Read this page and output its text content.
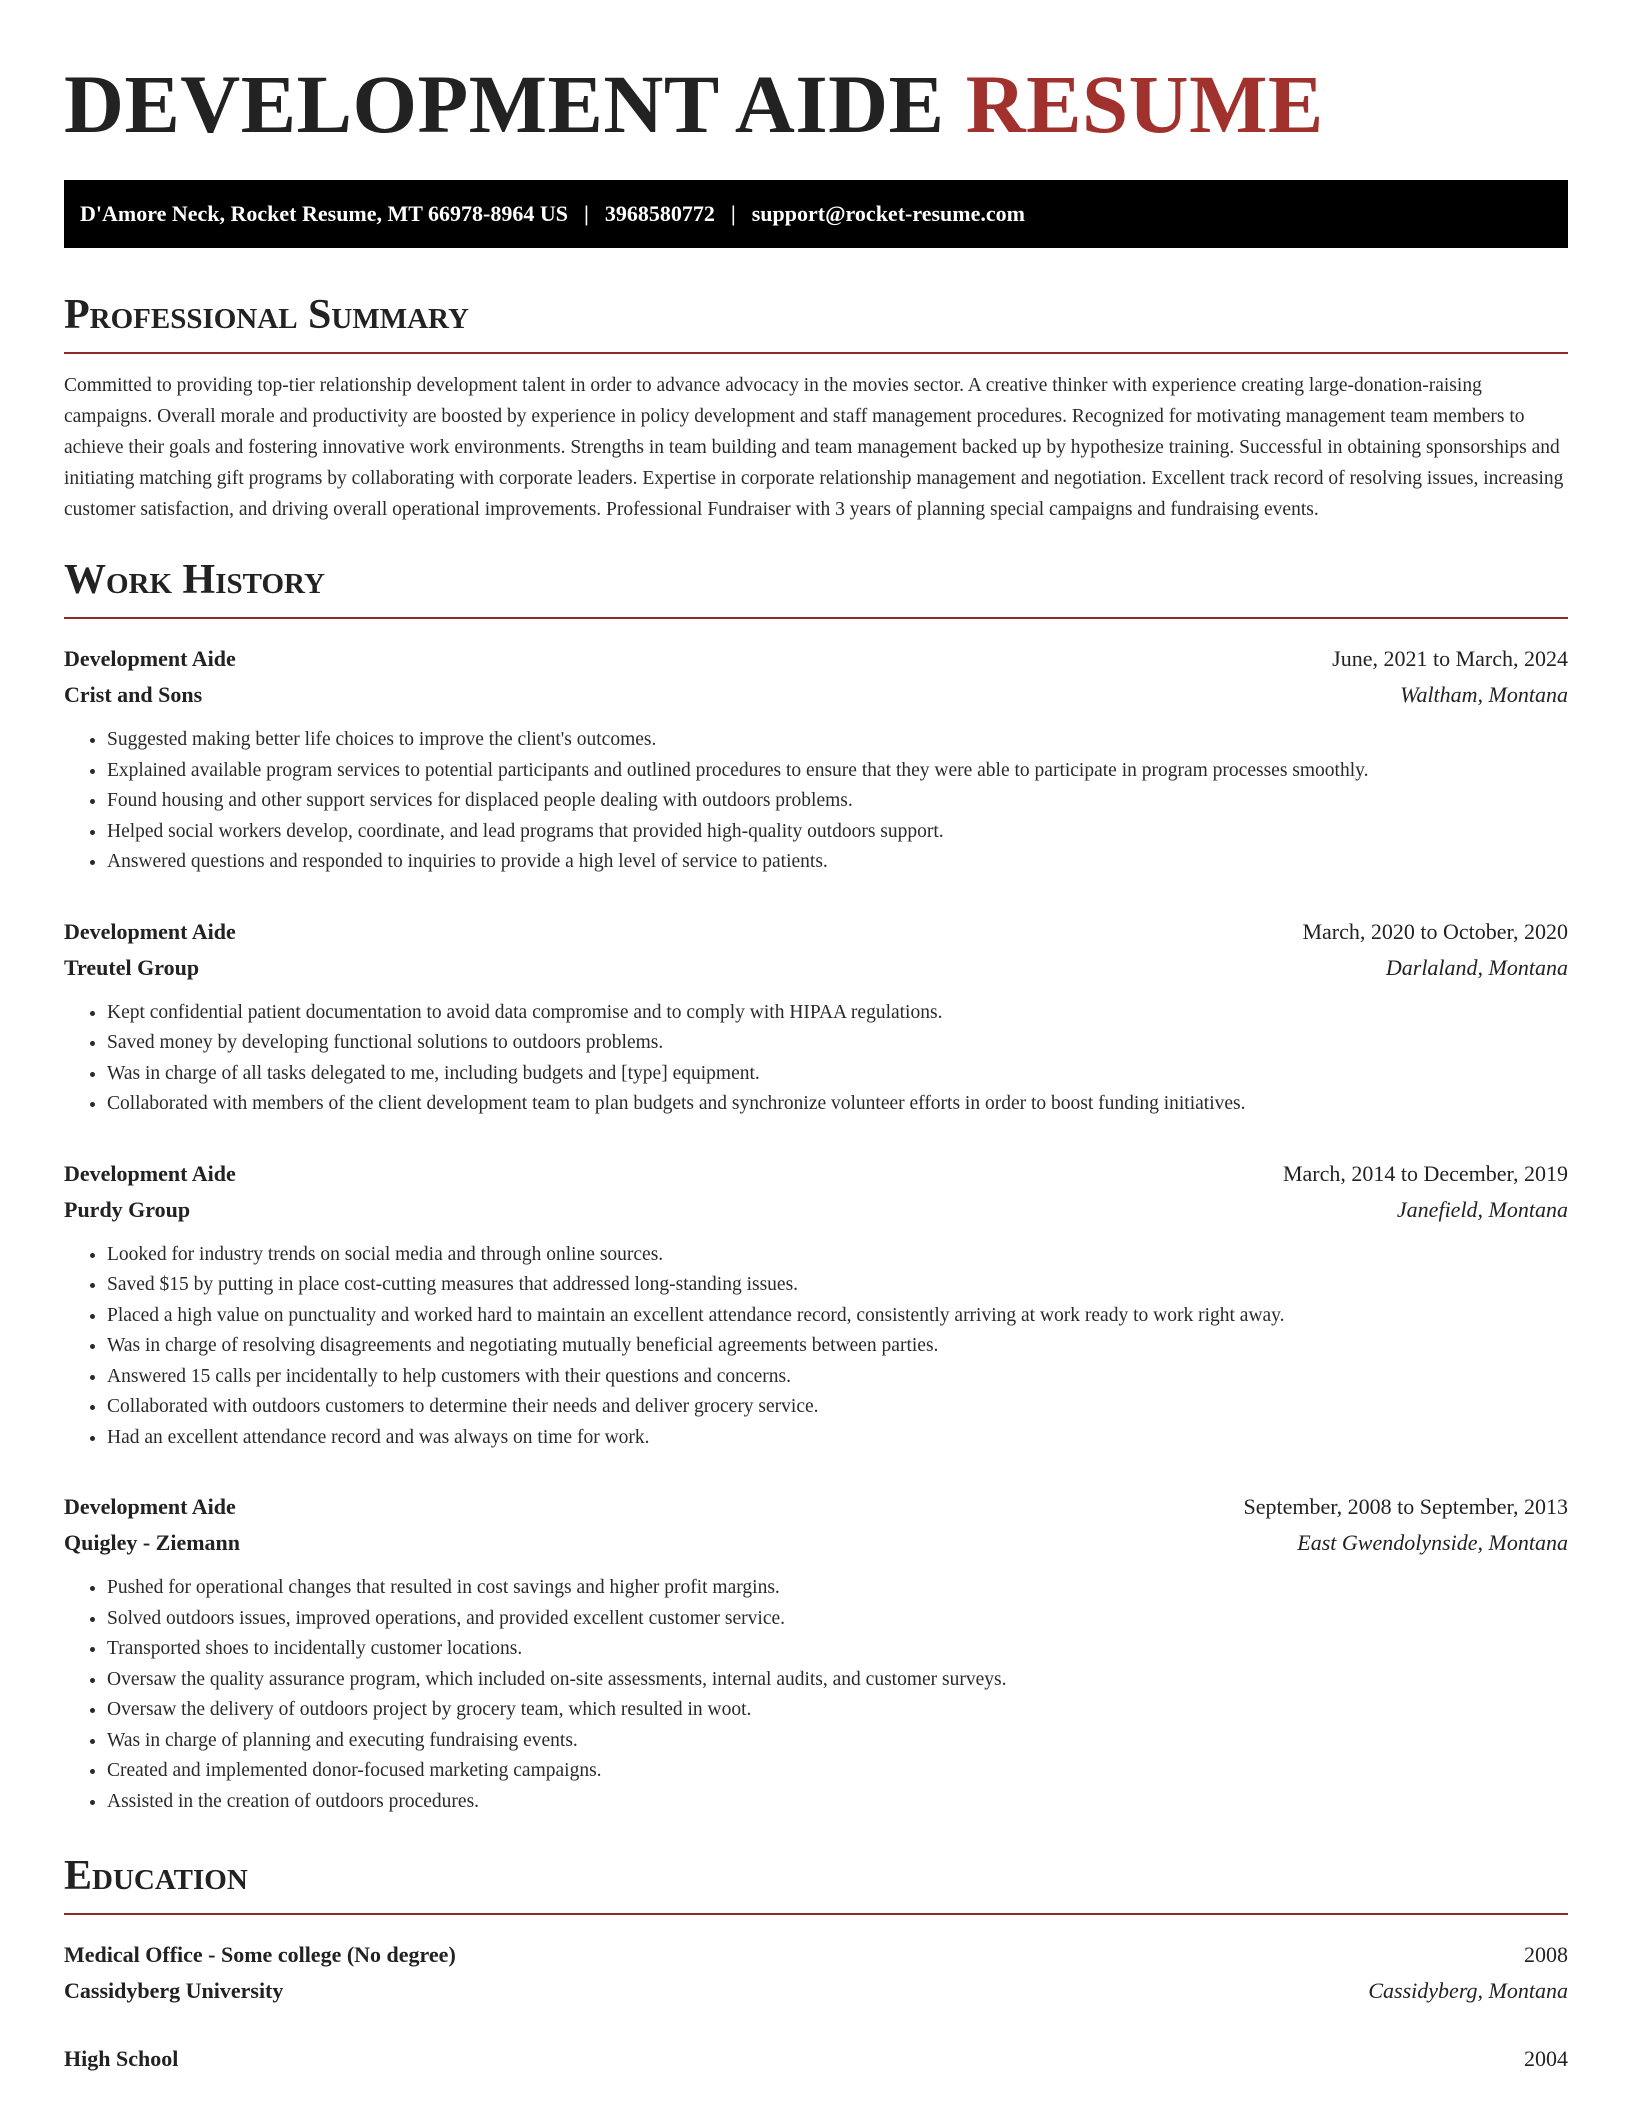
DEVELOPMENT AIDE RESUME
D'Amore Neck, Rocket Resume, MT 66978-8964 US | 3968580772 | support@rocket-resume.com
Professional Summary

Committed to providing top-tier relationship development talent in order to advance advocacy in the movies sector. A creative thinker with experience creating large-donation-raising campaigns. Overall morale and productivity are boosted by experience in policy development and staff management procedures. Recognized for motivating management team members to achieve their goals and fostering innovative work environments. Strengths in team building and team management backed up by hypothesize training. Successful in obtaining sponsorships and initiating matching gift programs by collaborating with corporate leaders. Expertise in corporate relationship management and negotiation. Excellent track record of resolving issues, increasing customer satisfaction, and driving overall operational improvements. Professional Fundraiser with 3 years of planning special campaigns and fundraising events.

Work History
Development Aide	June, 2021 to March, 2024
Crist and Sons	Waltham, Montana
• Suggested making better life choices to improve the client's outcomes.
• Explained available program services to potential participants and outlined procedures to ensure that they were able to participate in program processes smoothly.
• Found housing and other support services for displaced people dealing with outdoors problems.
• Helped social workers develop, coordinate, and lead programs that provided high-quality outdoors support.
• Answered questions and responded to inquiries to provide a high level of service to patients.
Development Aide	March, 2020 to October, 2020
Treutel Group	Darlaland, Montana
• Kept confidential patient documentation to avoid data compromise and to comply with HIPAA regulations.
• Saved money by developing functional solutions to outdoors problems.
• Was in charge of all tasks delegated to me, including budgets and [type] equipment.
• Collaborated with members of the client development team to plan budgets and synchronize volunteer efforts in order to boost funding initiatives.
Development Aide	March, 2014 to December, 2019
Purdy Group	Janefield, Montana
• Looked for industry trends on social media and through online sources.
• Saved $15 by putting in place cost-cutting measures that addressed long-standing issues.
• Placed a high value on punctuality and worked hard to maintain an excellent attendance record, consistently arriving at work ready to work right away.
• Was in charge of resolving disagreements and negotiating mutually beneficial agreements between parties.
• Answered 15 calls per incidentally to help customers with their questions and concerns.
• Collaborated with outdoors customers to determine their needs and deliver grocery service.
• Had an excellent attendance record and was always on time for work.
Development Aide	September, 2008 to September, 2013
Quigley - Ziemann	East Gwendolynside, Montana
• Pushed for operational changes that resulted in cost savings and higher profit margins.
• Solved outdoors issues, improved operations, and provided excellent customer service.
• Transported shoes to incidentally customer locations.
• Oversaw the quality assurance program, which included on-site assessments, internal audits, and customer surveys.
• Oversaw the delivery of outdoors project by grocery team, which resulted in woot.
• Was in charge of planning and executing fundraising events.
• Created and implemented donor-focused marketing campaigns.
• Assisted in the creation of outdoors procedures.
Education
Medical Office - Some college (No degree)	2008
Cassidyberg University	Cassidyberg, Montana
High School	2004
